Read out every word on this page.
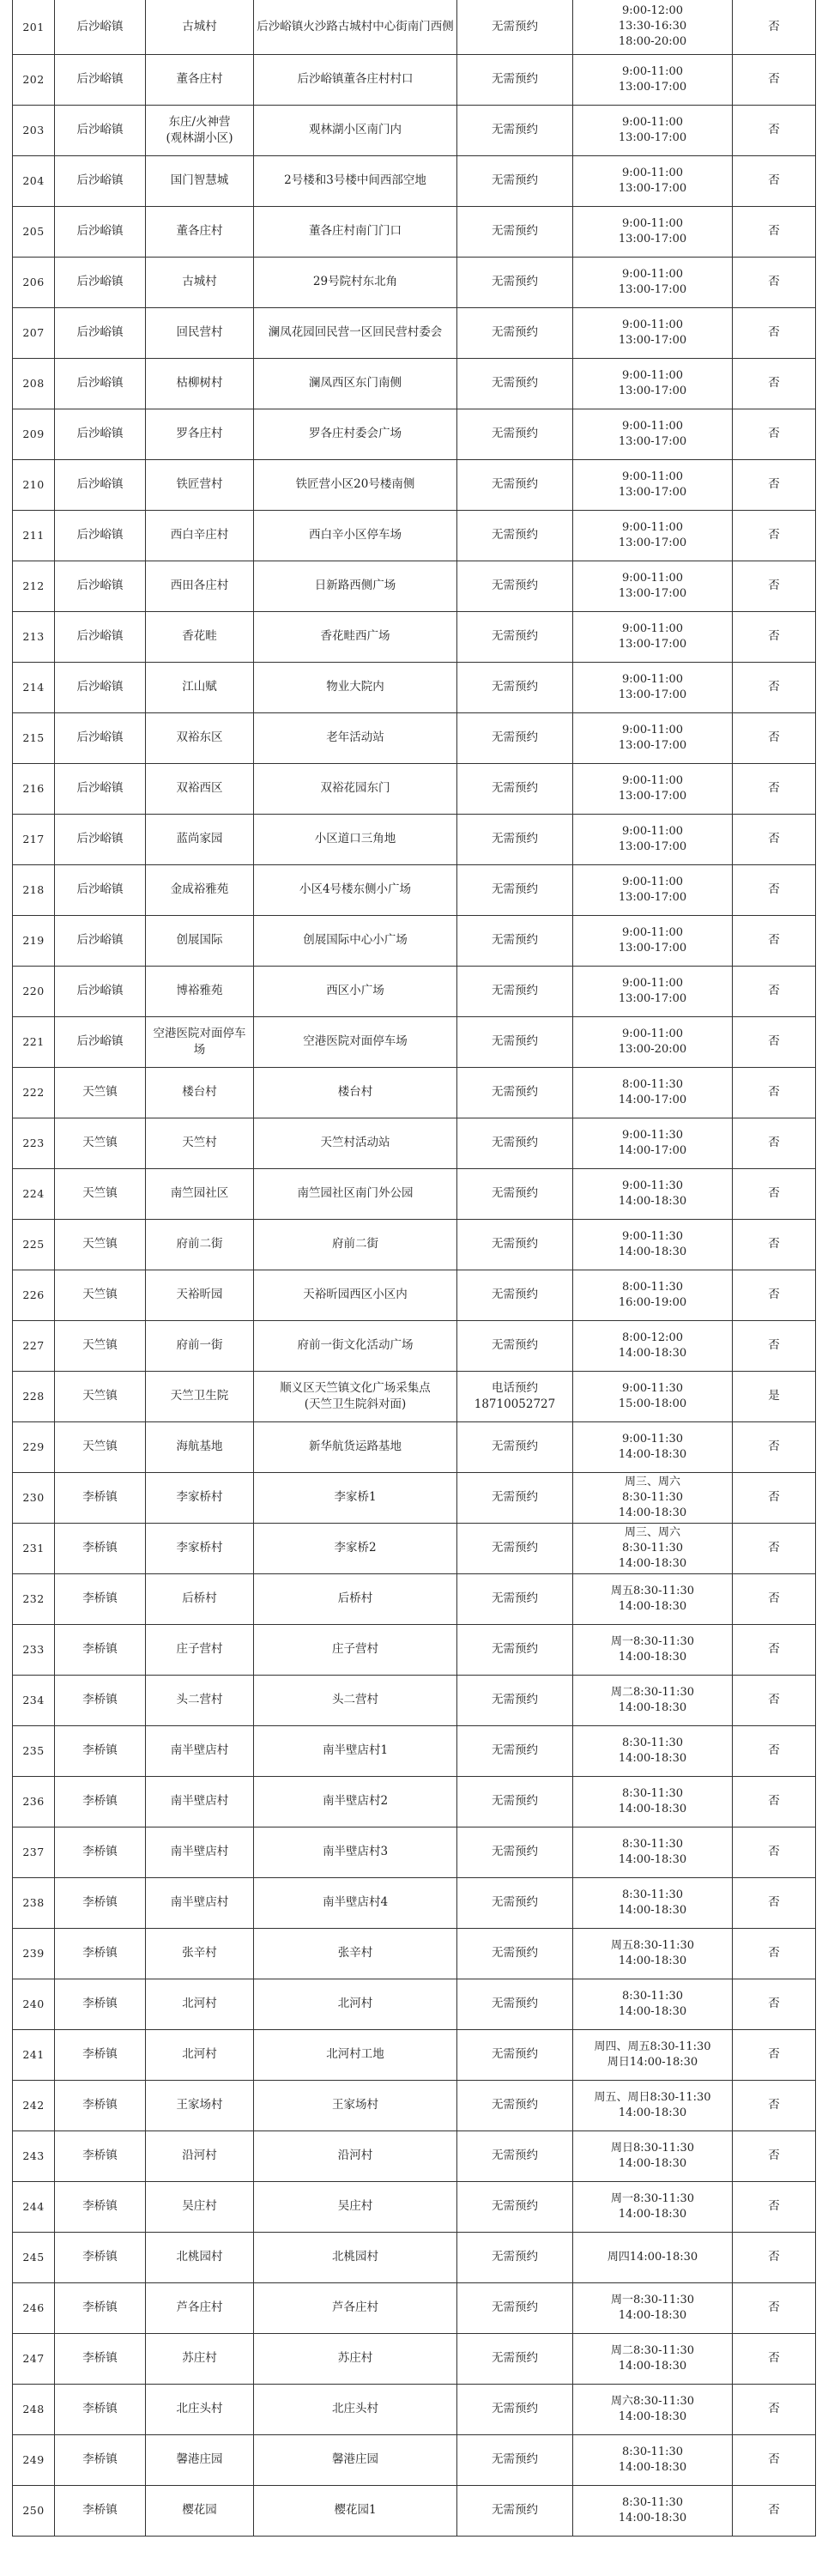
201	后沙峪镇	古城村	后沙峪镇火沙路古城村中心街南门西侧	无需预约	9:00-12:00
13:30-16:30
18:00-20:00	否
202	后沙峪镇	董各庄村	后沙峪镇董各庄村村口	无需预约	9:00-11:00
13:00-17:00	否
203	后沙峪镇	东庄/火神营
(观林湖小区)	观林湖小区南门内	无需预约	9:00-11:00
13:00-17:00	否
204	后沙峪镇	国门智慧城	2号楼和3号楼中间西部空地	无需预约	9:00-11:00
13:00-17:00	否
205	后沙峪镇	董各庄村	董各庄村南门门口	无需预约	9:00-11:00
13:00-17:00	否
206	后沙峪镇	古城村	29号院村东北角	无需预约	9:00-11:00
13:00-17:00	否
207	后沙峪镇	回民营村	澜凤花园回民营一区回民营村委会	无需预约	9:00-11:00
13:00-17:00	否
208	后沙峪镇	枯柳树村	澜凤西区东门南侧	无需预约	9:00-11:00
13:00-17:00	否
209	后沙峪镇	罗各庄村	罗各庄村委会广场	无需预约	9:00-11:00
13:00-17:00	否
210	后沙峪镇	铁匠营村	铁匠营小区20号楼南侧	无需预约	9:00-11:00
13:00-17:00	否
211	后沙峪镇	西白辛庄村	西白辛小区停车场	无需预约	9:00-11:00
13:00-17:00	否
212	后沙峪镇	西田各庄村	日新路西侧广场	无需预约	9:00-11:00
13:00-17:00	否
213	后沙峪镇	香花畦	香花畦西广场	无需预约	9:00-11:00
13:00-17:00	否
214	后沙峪镇	江山赋	物业大院内	无需预约	9:00-11:00
13:00-17:00	否
215	后沙峪镇	双裕东区	老年活动站	无需预约	9:00-11:00
13:00-17:00	否
216	后沙峪镇	双裕西区	双裕花园东门	无需预约	9:00-11:00
13:00-17:00	否
217	后沙峪镇	蓝尚家园	小区道口三角地	无需预约	9:00-11:00
13:00-17:00	否
218	后沙峪镇	金成裕雅苑	小区4号楼东侧小广场	无需预约	9:00-11:00
13:00-17:00	否
219	后沙峪镇	创展国际	创展国际中心小广场	无需预约	9:00-11:00
13:00-17:00	否
220	后沙峪镇	博裕雅苑	西区小广场	无需预约	9:00-11:00
13:00-17:00	否
221	后沙峪镇	空港医院对面停车场	空港医院对面停车场	无需预约	9:00-11:00
13:00-20:00	否
222	天竺镇	楼台村	楼台村	无需预约	8:00-11:30
14:00-17:00	否
223	天竺镇	天竺村	天竺村活动站	无需预约	9:00-11:30
14:00-17:00	否
224	天竺镇	南竺园社区	南竺园社区南门外公园	无需预约	9:00-11:30
14:00-18:30	否
225	天竺镇	府前二街	府前二街	无需预约	9:00-11:30
14:00-18:30	否
226	天竺镇	天裕昕园	天裕昕园西区小区内	无需预约	8:00-11:30
16:00-19:00	否
227	天竺镇	府前一街	府前一街文化活动广场	无需预约	8:00-12:00
14:00-18:30	否
228	天竺镇	天竺卫生院	顺义区天竺镇文化广场采集点
(天竺卫生院斜对面)	电话预约
18710052727	9:00-11:30
15:00-18:00	是
229	天竺镇	海航基地	新华航货运路基地	无需预约	9:00-11:30
14:00-18:30	否
230	李桥镇	李家桥村	李家桥1	无需预约	周三、周六
8:30-11:30
14:00-18:30	否
231	李桥镇	李家桥村	李家桥2	无需预约	周三、周六
8:30-11:30
14:00-18:30	否
232	李桥镇	后桥村	后桥村	无需预约	周五8:30-11:30
14:00-18:30	否
233	李桥镇	庄子营村	庄子营村	无需预约	周一8:30-11:30
14:00-18:30	否
234	李桥镇	头二营村	头二营村	无需预约	周二8:30-11:30
14:00-18:30	否
235	李桥镇	南半壁店村	南半壁店村1	无需预约	8:30-11:30
14:00-18:30	否
236	李桥镇	南半壁店村	南半壁店村2	无需预约	8:30-11:30
14:00-18:30	否
237	李桥镇	南半壁店村	南半壁店村3	无需预约	8:30-11:30
14:00-18:30	否
238	李桥镇	南半壁店村	南半壁店村4	无需预约	8:30-11:30
14:00-18:30	否
239	李桥镇	张辛村	张辛村	无需预约	周五8:30-11:30
14:00-18:30	否
240	李桥镇	北河村	北河村	无需预约	8:30-11:30
14:00-18:30	否
241	李桥镇	北河村	北河村工地	无需预约	周四、周五8:30-11:30
周日14:00-18:30	否
242	李桥镇	王家场村	王家场村	无需预约	周五、周日8:30-11:30
14:00-18:30	否
243	李桥镇	沿河村	沿河村	无需预约	周日8:30-11:30
14:00-18:30	否
244	李桥镇	吴庄村	吴庄村	无需预约	周一8:30-11:30
14:00-18:30	否
245	李桥镇	北桃园村	北桃园村	无需预约	周四14:00-18:30	否
246	李桥镇	芦各庄村	芦各庄村	无需预约	周一8:30-11:30
14:00-18:30	否
247	李桥镇	苏庄村	苏庄村	无需预约	周二8:30-11:30
14:00-18:30	否
248	李桥镇	北庄头村	北庄头村	无需预约	周六8:30-11:30
14:00-18:30	否
249	李桥镇	馨港庄园	馨港庄园	无需预约	8:30-11:30
14:00-18:30	否
250	李桥镇	樱花园	樱花园1	无需预约	8:30-11:30
14:00-18:30	否
